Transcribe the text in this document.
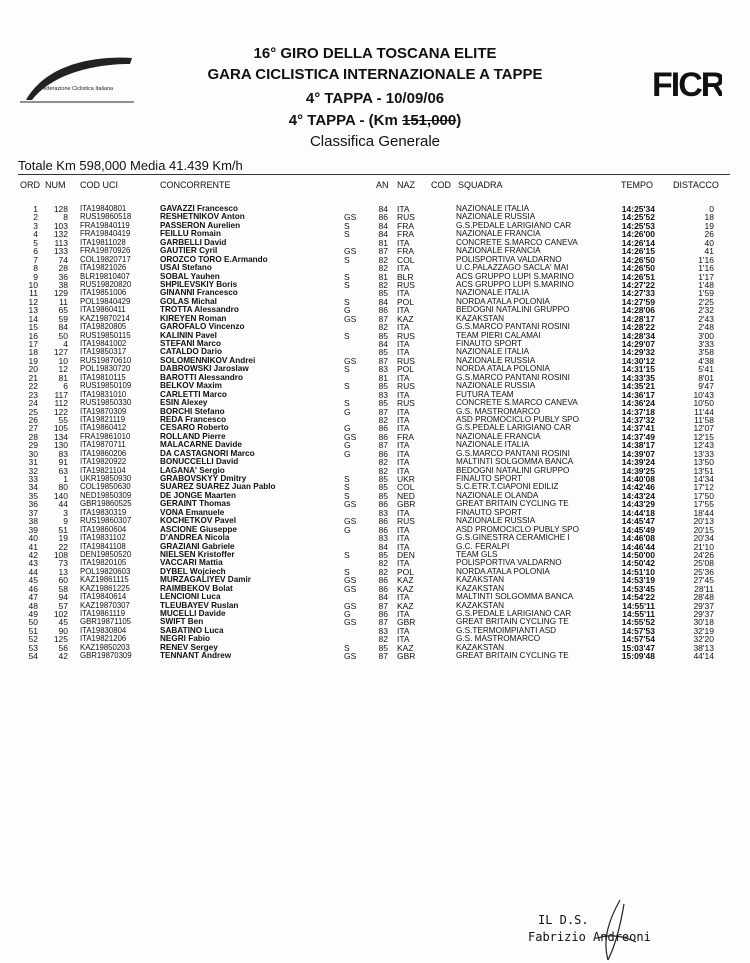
Federazione Ciclistica Italiana	FICR
16° GIRO DELLA TOSCANA ELITE
GARA CICLISTICA INTERNAZIONALE A TAPPE
4° TAPPA - 10/09/06
4° TAPPA - (Km 151,000)
Classifica Generale
Totale Km 598,000 Media 41.439 Km/h
ORD NUM COD UCI	CONCORRENTE	AN NAZ COD SQUADRA	TEMPO DISTACCO
1	128 ITA19840801	GAVAZZI Francesco	84 ITA	NAZIONALE ITALIA	14:25'34	0
2	8 RUS19860518	RESHETNIKOV Anton	GS	86 RUS	NAZIONALE RUSSIA	14:25'52	18
3	103 FRA19840119	PASSERON Aurelien	S	84 FRA	G.S.PEDALE LARIGIANO CAR	14:25'53	19
4	132 FRA19840419	FEILLU Romain	S	84 FRA	NAZIONALE FRANCIA	14:26'00	26
5	113 ITA19811028	GARBELLI David	81 ITA	CONCRETE S.MARCO CANEVA	14:26'14	40
6	133 FRA19870926	GAUTIER Cyril	GS	87 FRA	NAZIONALE FRANCIA	14:26'15	41
7	74 COL19820717	OROZCO TORO E.Armando	S	82 COL	POLISPORTIVA VALDARNO	14:26'50	1'16
8	28 ITA19821026	USAI Stefano	82 ITA	U.C.PALAZZAGO SACLA' MAI	14:26'50	1'16
9	36 BLR19810407	SOBAL Yauhen	S	81 BLR	ACS GRUPPO LUPI S.MARINO	14:26'51	1'17
10	38 RUS19820820	SHPILEVSKIY Boris	S	82 RUS	ACS GRUPPO LUPI S.MARINO	14:27'22	1'48
11	129 ITA19851006	GINANNI Francesco	85 ITA	NAZIONALE ITALIA	14:27'33	1'59
12	11 POL19840429	GOLAS Michal	S	84 POL	NORDA ATALA POLONIA	14:27'59	2'25
13	65 ITA19860411	TROTTA Alessandro	G	86 ITA	BEDOGNI NATALINI GRUPPO	14:28'06	2'32
14	59 KAZ19870214	KIREYEN Roman	GS	87 KAZ	KAZAKSTAN	14:28'17	2'43
15	84 ITA19820805	GAROFALO Vincenzo	82 ITA	G.S.MARCO PANTANI ROSINI	14:28'22	2'48
16	50 RUS19850115	KALININ Pavel	S	85 RUS	TEAM PIERI CALAMAI	14:28'34	3'00
17	4 ITA19841002	STEFANI Marco	84 ITA	FINAUTO SPORT	14:29'07	3'33
18	127 ITA19850317	CATALDO Dario	85 ITA	NAZIONALE ITALIA	14:29'32	3'58
19	10 RUS19870610	SOLOMENNIKOV Andrei	GS	87 RUS	NAZIONALE RUSSIA	14:30'12	4'38
20	12 POL19830720	DABROWSKI Jaroslaw	S	83 POL	NORDA ATALA POLONIA	14:31'15	5'41
21	81 ITA19810115	BAROTTI Alessandro	81 ITA	G.S.MARCO PANTANI ROSINI	14:33'35	8'01
22	6 RUS19850109	BELKOV Maxim	S	85 RUS	NAZIONALE RUSSIA	14:35'21	9'47
23	117 ITA19831010	CARLETTI Marco	83 ITA	FUTURA TEAM	14:36'17	10'43
24	112 RUS19850330	ESIN Alexey	S	85 RUS	CONCRETE S.MARCO CANEVA	14:36'24	10'50
25	122 ITA19870309	BORCHI Stefano	G	87 ITA	G.S. MASTROMARCO	14:37'18	11'44
26	55 ITA19821119	REDA Francesco	82 ITA	ASD PROMOCICLO PUBLY SPO	14:37'32	11'58
27	105 ITA19860412	CESARO Roberto	G	86 ITA	G.S.PEDALE LARIGIANO CAR	14:37'41	12'07
28	134 FRA19861010	ROLLAND Pierre	GS	86 FRA	NAZIONALE FRANCIA	14:37'49	12'15
29	130 ITA19870711	MALACARNE Davide	G	87 ITA	NAZIONALE ITALIA	14:38'17	12'43
30	83 ITA19860206	DA CASTAGNORI Marco	G	86 ITA	G.S.MARCO PANTANI ROSINI	14:39'07	13'33
31	91 ITA19820922	BONUCCELLI David	82 ITA	MALTINTI SOLGOMMA BANCA	14:39'24	13'50
32	63 ITA19821104	LAGANA' Sergio	82 ITA	BEDOGNI NATALINI GRUPPO	14:39'25	13'51
33	1 UKR19850930	GRABOVSKYY Dmitry	S	85 UKR	FINAUTO SPORT	14:40'08	14'34
34	80 COL19850630	SUAREZ SUAREZ Juan Pablo	S	85 COL	S.C.ETR.T.CIAPONI EDILIZ	14:42'46	17'12
35	140 NED19850309	DE JONGE Maarten	S	85 NED	NAZIONALE OLANDA	14:43'24	17'50
36	44 GBR19860525	GERAINT Thomas	GS	86 GBR	GREAT BRITAIN CYCLING TE	14:43'29	17'55
37	3 ITA19830319	VONA Emanuele	83 ITA	FINAUTO SPORT	14:44'18	18'44
38	9 RUS19860307	KOCHETKOV Pavel	GS	86 RUS	NAZIONALE RUSSIA	14:45'47	20'13
39	51 ITA19860604	ASCIONE Giuseppe	G	86 ITA	ASD PROMOCICLO PUBLY SPO	14:45'49	20'15
40	19 ITA19831102	D'ANDREA Nicola	83 ITA	G.S.GINESTRA CERAMICHE I	14:46'08	20'34
41	22 ITA19841108	GRAZIANI Gabriele	84 ITA	G.C. FERALPI	14:46'44	21'10
42	108 DEN19850520	NIELSEN Kristoffer	S	85 DEN	TEAM GLS	14:50'00	24'26
43	73 ITA19820105	VACCARI Mattia	82 ITA	POLISPORTIVA VALDARNO	14:50'42	25'08
44	13 POL19820603	DYBEL Wojciech	S	82 POL	NORDA ATALA POLONIA	14:51'10	25'36
45	60 KAZ19861115	MURZAGALIYEV Damir	GS	86 KAZ	KAZAKSTAN	14:53'19	27'45
46	58 KAZ19861225	RAIMBEKOV Bolat	GS	86 KAZ	KAZAKSTAN	14:53'45	28'11
47	94 ITA19840614	LENCIONI Luca	84 ITA	MALTINTI SOLGOMMA BANCA	14:54'22	28'48
48	57 KAZ19870307	TLEUBAYEV Ruslan	GS	87 KAZ	KAZAKSTAN	14:55'11	29'37
49	102 ITA19861119	MUCELLI Davide	G	86 ITA	G.S.PEDALE LARIGIANO CAR	14:55'11	29'37
50	45 GBR19871105	SWIFT Ben	GS	87 GBR	GREAT BRITAIN CYCLING TE	14:55'52	30'18
51	90 ITA19830804	SABATINO Luca	83 ITA	G.S.TERMOIMPIANTI ASD	14:57'53	32'19
52	125 ITA19821206	NEGRI Fabio	82 ITA	G.S. MASTROMARCO	14:57'54	32'20
53	56 KAZ19850203	RENEV Sergey	S	85 KAZ	KAZAKSTAN	15:03'47	38'13
54	42 GBR19870309	TENNANT Andrew	GS	87 GBR	GREAT BRITAIN CYCLING TE	15:09'48	44'14
IL D.S.
Fabrizio Andreoni
